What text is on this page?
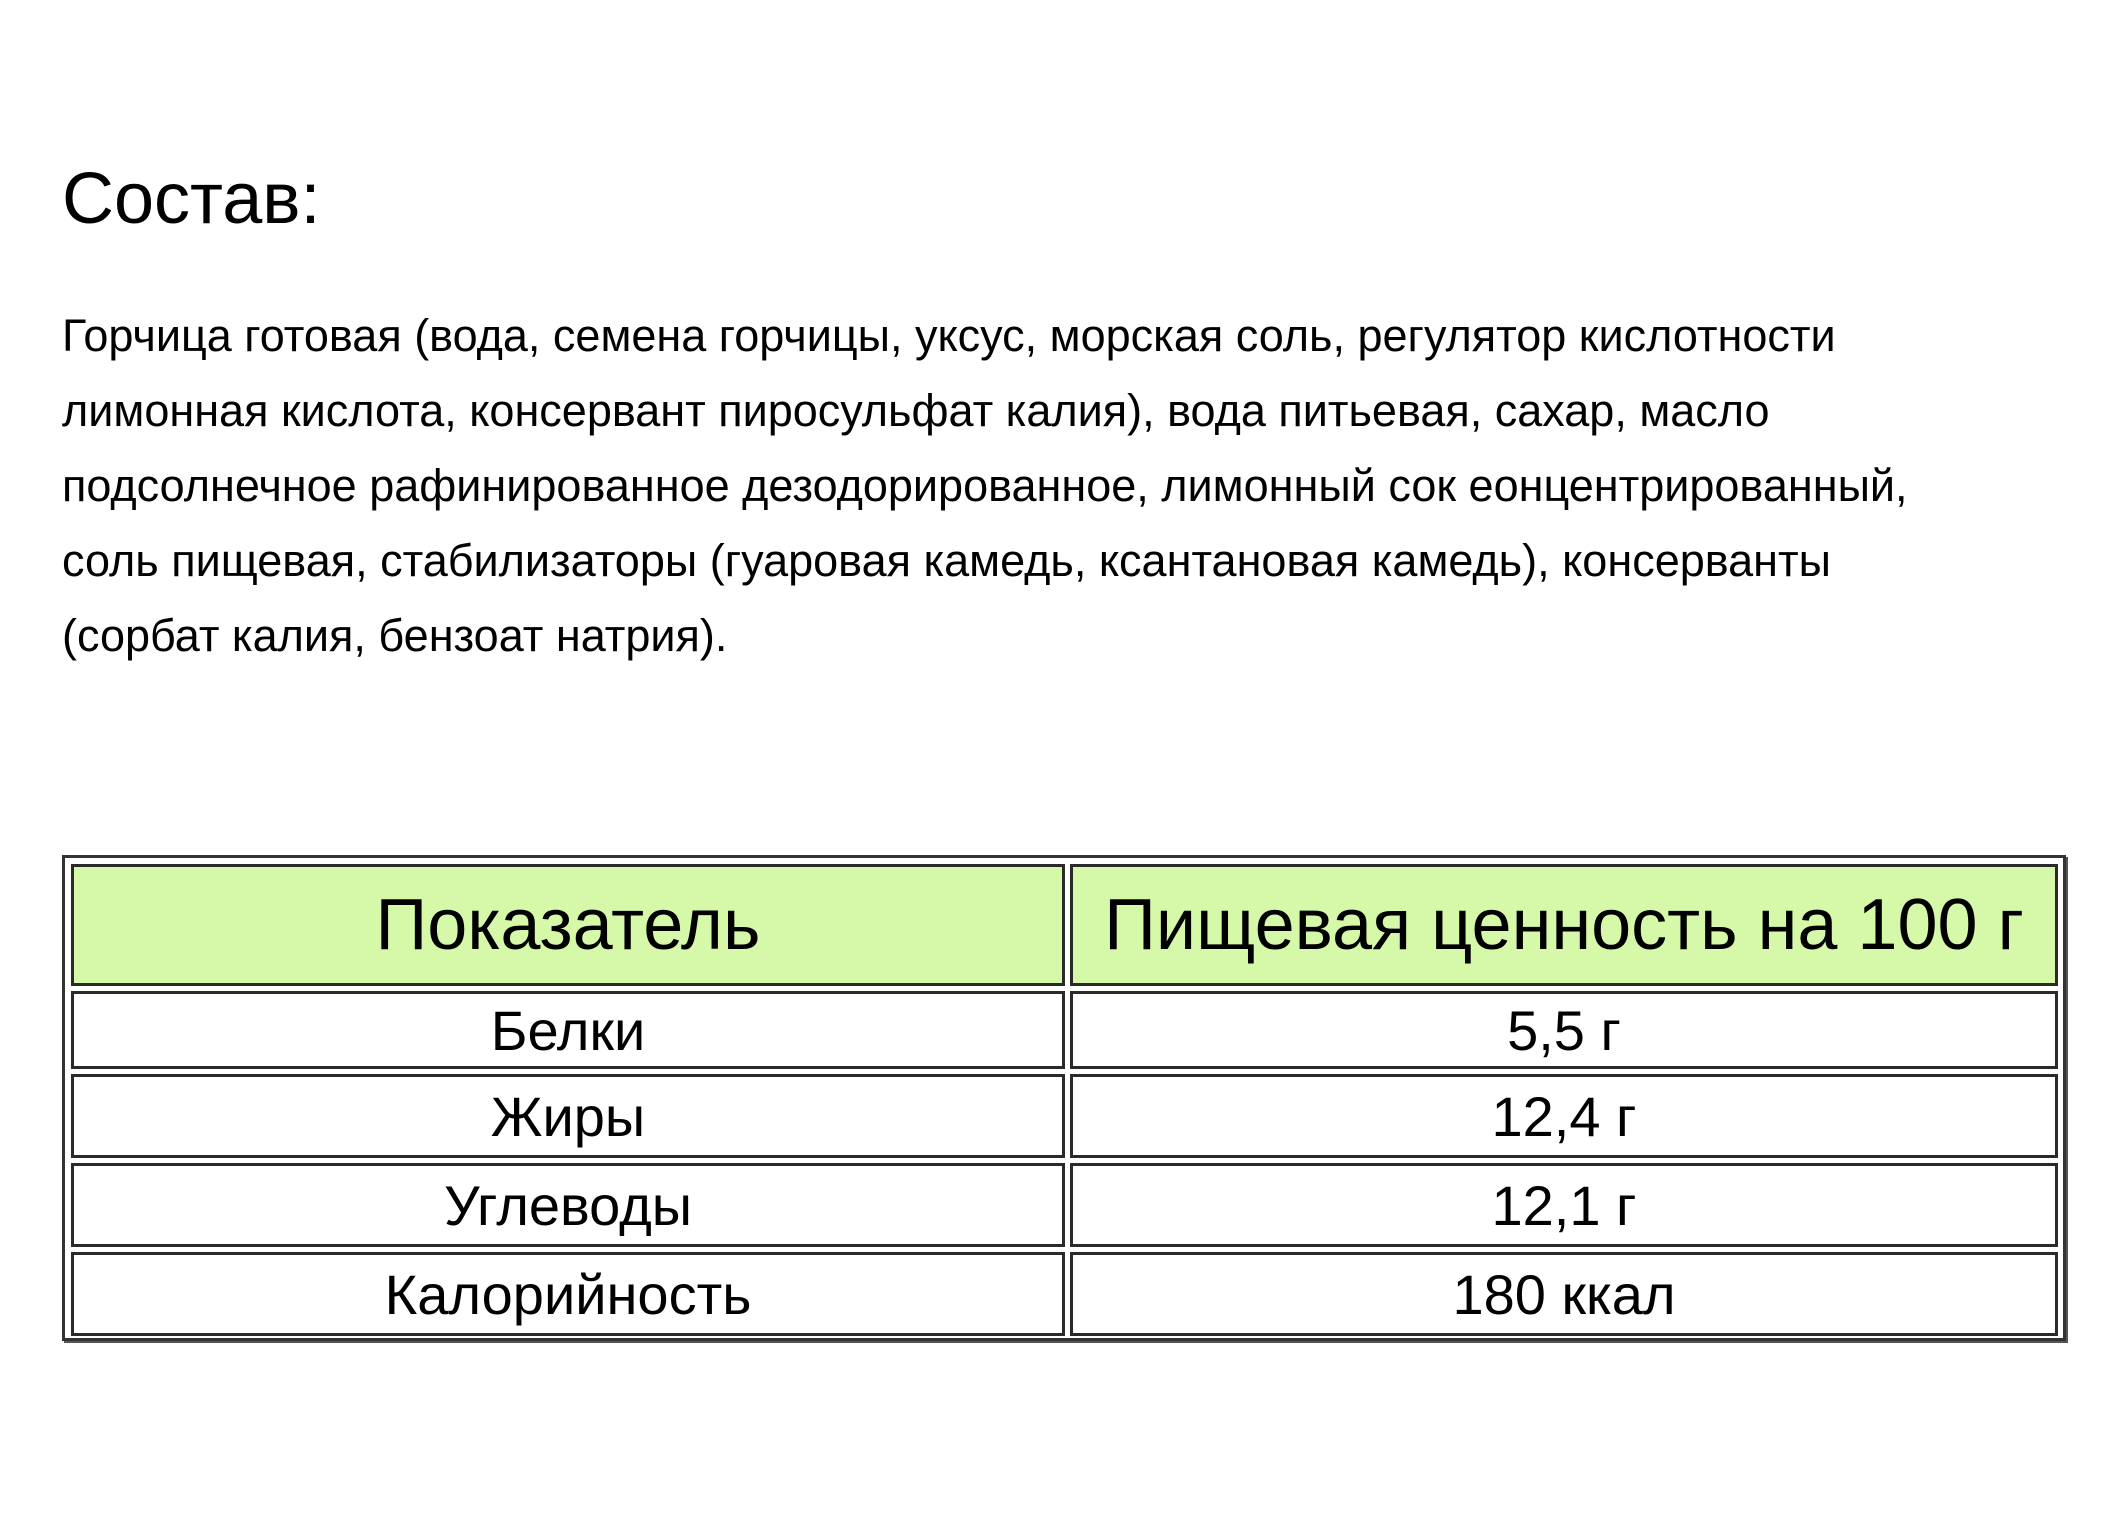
Состав:

Горчица готовая (вода, семена горчицы, уксус, морская соль, регулятор кислотности
лимонная кислота, консервант пиросульфат калия), вода питьевая, сахар, масло
подсолнечное рафинированное дезодорированное, лимонный сок еонцентрированный,
соль пищевая, стабилизаторы (гуаровая камедь, ксантановая камедь), консерванты
(сорбат калия, бензоат натрия).

Показатель	Пищевая ценность на 100 г
Белки	5,5 г
Жиры	12,4 г
Углеводы	12,1 г
Калорийность	180 ккал
